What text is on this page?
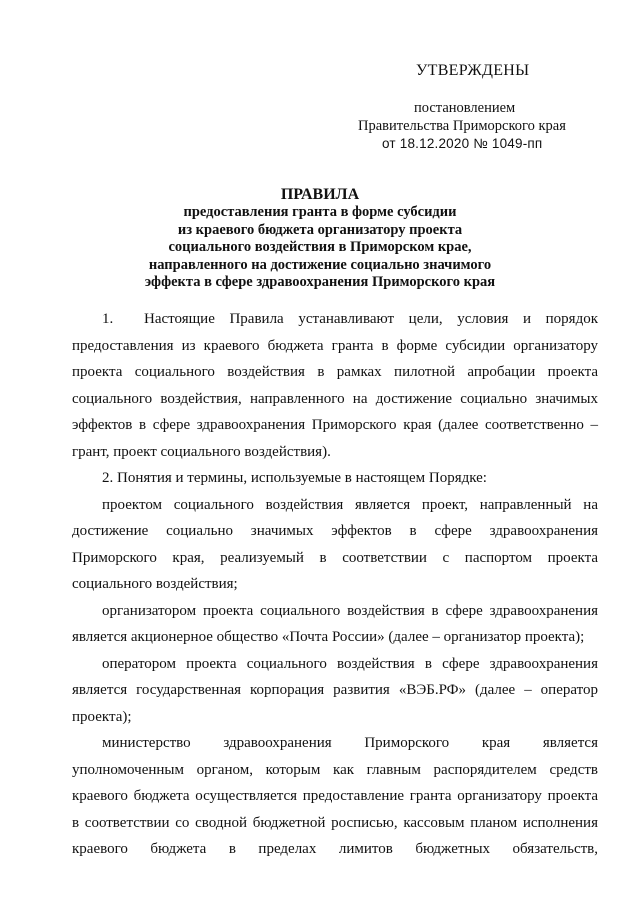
УТВЕРЖДЕНЫ
постановлением
Правительства Приморского края
от 18.12.2020 № 1049-пп
ПРАВИЛА
предоставления гранта в форме субсидии
из краевого бюджета организатору проекта
социального воздействия в Приморском крае,
направленного на достижение социально значимого
эффекта в сфере здравоохранения Приморского края
1.	Настоящие Правила устанавливают цели, условия и порядок
предоставления из краевого бюджета гранта в форме субсидии организатору
проекта социального воздействия в рамках пилотной апробации проекта
социального воздействия, направленного на достижение социально значимых
эффектов в сфере здравоохранения Приморского края (далее соответственно –
грант, проект социального воздействия).
2. Понятия и термины, используемые в настоящем Порядке:
проектом социального воздействия является проект, направленный на
достижение социально значимых эффектов в сфере здравоохранения
Приморского края, реализуемый в соответствии с паспортом проекта
социального воздействия;
организатором проекта социального воздействия в сфере здравоохранения
является акционерное общество «Почта России» (далее – организатор проекта);
оператором проекта социального воздействия в сфере здравоохранения
является государственная корпорация развития «ВЭБ.РФ» (далее – оператор
проекта);
министерство здравоохранения Приморского края является
уполномоченным органом, которым как главным распорядителем средств
краевого бюджета осуществляется предоставление гранта организатору проекта
в соответствии со сводной бюджетной росписью, кассовым планом исполнения
краевого бюджета в пределах лимитов бюджетных обязательств,
